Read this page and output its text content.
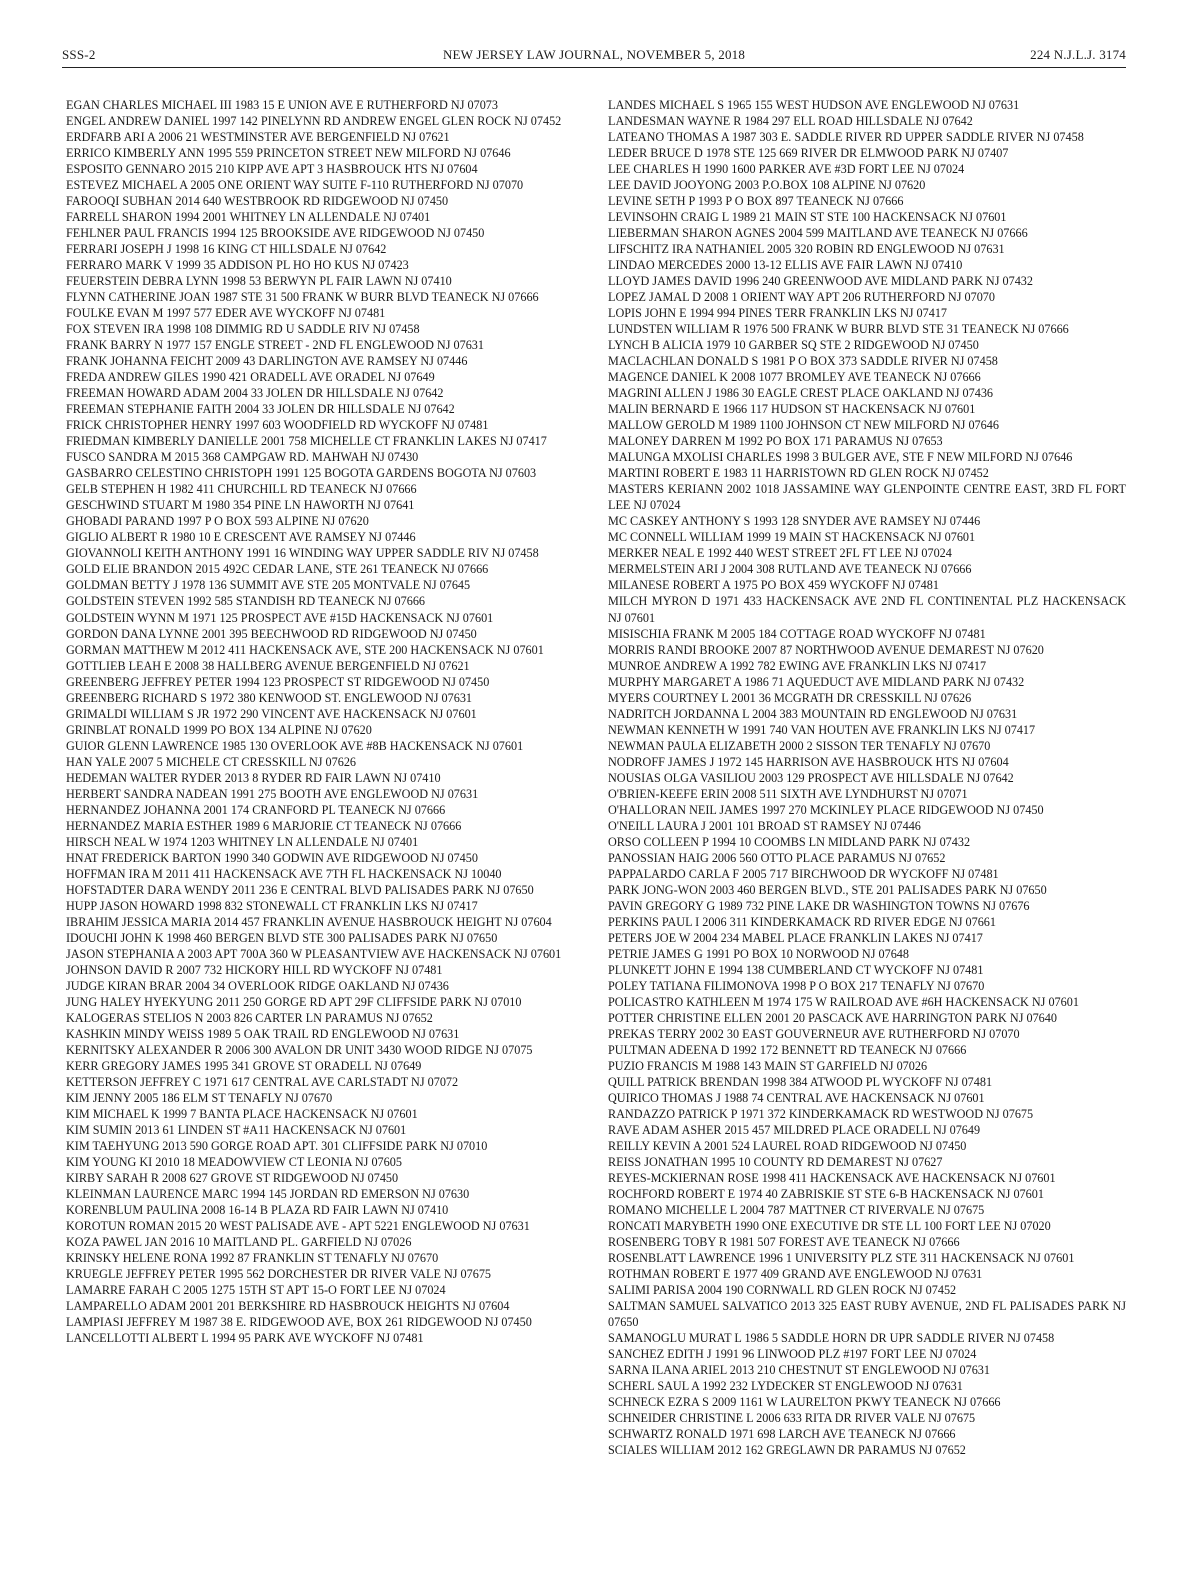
NEW JERSEY LAW JOURNAL, NOVEMBER 5, 2018
SSS-2	224 N.J.L.J. 3174
EGAN CHARLES MICHAEL III 1983 15 E UNION AVE E RUTHERFORD NJ 07073
ENGEL ANDREW DANIEL 1997 142 PINELYNN RD ANDREW ENGEL GLEN ROCK NJ 07452
ERDFARB ARI A 2006 21 WESTMINSTER AVE BERGENFIELD NJ 07621
ERRICO KIMBERLY ANN 1995 559 PRINCETON STREET NEW MILFORD NJ 07646
ESPOSITO GENNARO 2015 210 KIPP AVE APT 3 HASBROUCK HTS NJ 07604
ESTEVEZ MICHAEL A 2005 ONE ORIENT WAY SUITE F-110 RUTHERFORD NJ 07070
FAROOQI SUBHAN 2014 640 WESTBROOK RD RIDGEWOOD NJ 07450
FARRELL SHARON 1994 2001 WHITNEY LN ALLENDALE NJ 07401
FEHLNER PAUL FRANCIS 1994 125 BROOKSIDE AVE RIDGEWOOD NJ 07450
FERRARI JOSEPH J 1998 16 KING CT HILLSDALE NJ 07642
FERRARO MARK V 1999 35 ADDISON PL HO HO KUS NJ 07423
FEUERSTEIN DEBRA LYNN 1998 53 BERWYN PL FAIR LAWN NJ 07410
FLYNN CATHERINE JOAN 1987 STE 31 500 FRANK W BURR BLVD TEANECK NJ 07666
FOULKE EVAN M 1997 577 EDER AVE WYCKOFF NJ 07481
FOX STEVEN IRA 1998 108 DIMMIG RD U SADDLE RIV NJ 07458
FRANK BARRY N 1977 157 ENGLE STREET - 2ND FL ENGLEWOOD NJ 07631
FRANK JOHANNA FEICHT 2009 43 DARLINGTON AVE RAMSEY NJ 07446
FREDA ANDREW GILES 1990 421 ORADELL AVE ORADEL NJ 07649
FREEMAN HOWARD ADAM 2004 33 JOLEN DR HILLSDALE NJ 07642
FREEMAN STEPHANIE FAITH 2004 33 JOLEN DR HILLSDALE NJ 07642
FRICK CHRISTOPHER HENRY 1997 603 WOODFIELD RD WYCKOFF NJ 07481
FRIEDMAN KIMBERLY DANIELLE 2001 758 MICHELLE CT FRANKLIN LAKES NJ 07417
FUSCO SANDRA M 2015 368 CAMPGAW RD. MAHWAH NJ 07430
GASBARRO CELESTINO CHRISTOPH 1991 125 BOGOTA GARDENS BOGOTA NJ 07603
GELB STEPHEN H 1982 411 CHURCHILL RD TEANECK NJ 07666
GESCHWIND STUART M 1980 354 PINE LN HAWORTH NJ 07641
GHOBADI PARAND 1997 P O BOX 593 ALPINE NJ 07620
GIGLIO ALBERT R 1980 10 E CRESCENT AVE RAMSEY NJ 07446
GIOVANNOLI KEITH ANTHONY 1991 16 WINDING WAY UPPER SADDLE RIV NJ 07458
GOLD ELIE BRANDON 2015 492C CEDAR LANE, STE 261 TEANECK NJ 07666
GOLDMAN BETTY J 1978 136 SUMMIT AVE STE 205 MONTVALE NJ 07645
GOLDSTEIN STEVEN 1992 585 STANDISH RD TEANECK NJ 07666
GOLDSTEIN WYNN M 1971 125 PROSPECT AVE #15D HACKENSACK NJ 07601
GORDON DANA LYNNE 2001 395 BEECHWOOD RD RIDGEWOOD NJ 07450
GORMAN MATTHEW M 2012 411 HACKENSACK AVE, STE 200 HACKENSACK NJ 07601
GOTTLIEB LEAH E 2008 38 HALLBERG AVENUE BERGENFIELD NJ 07621
GREENBERG JEFFREY PETER 1994 123 PROSPECT ST RIDGEWOOD NJ 07450
GREENBERG RICHARD S 1972 380 KENWOOD ST. ENGLEWOOD NJ 07631
GRIMALDI WILLIAM S JR 1972 290 VINCENT AVE HACKENSACK NJ 07601
GRINBLAT RONALD 1999 PO BOX 134 ALPINE NJ 07620
GUIOR GLENN LAWRENCE 1985 130 OVERLOOK AVE #8B HACKENSACK NJ 07601
HAN YALE 2007 5 MICHELE CT CRESSKILL NJ 07626
HEDEMAN WALTER RYDER 2013 8 RYDER RD FAIR LAWN NJ 07410
HERBERT SANDRA NADEAN 1991 275 BOOTH AVE ENGLEWOOD NJ 07631
HERNANDEZ JOHANNA 2001 174 CRANFORD PL TEANECK NJ 07666
HERNANDEZ MARIA ESTHER 1989 6 MARJORIE CT TEANECK NJ 07666
HIRSCH NEAL W 1974 1203 WHITNEY LN ALLENDALE NJ 07401
HNAT FREDERICK BARTON 1990 340 GODWIN AVE RIDGEWOOD NJ 07450
HOFFMAN IRA M 2011 411 HACKENSACK AVE 7TH FL HACKENSACK NJ 10040
HOFSTADTER DARA WENDY 2011 236 E CENTRAL BLVD PALISADES PARK NJ 07650
HUPP JASON HOWARD 1998 832 STONEWALL CT FRANKLIN LKS NJ 07417
IBRAHIM JESSICA MARIA 2014 457 FRANKLIN AVENUE HASBROUCK HEIGHT NJ 07604
IDOUCHI JOHN K 1998 460 BERGEN BLVD STE 300 PALISADES PARK NJ 07650
JASON STEPHANIA A 2003 APT 700A 360 W PLEASANTVIEW AVE HACKENSACK NJ 07601
JOHNSON DAVID R 2007 732 HICKORY HILL RD WYCKOFF NJ 07481
JUDGE KIRAN BRAR 2004 34 OVERLOOK RIDGE OAKLAND NJ 07436
JUNG HALEY HYEKYUNG 2011 250 GORGE RD APT 29F CLIFFSIDE PARK NJ 07010
KALOGERAS STELIOS N 2003 826 CARTER LN PARAMUS NJ 07652
KASHKIN MINDY WEISS 1989 5 OAK TRAIL RD ENGLEWOOD NJ 07631
KERNITSKY ALEXANDER R 2006 300 AVALON DR UNIT 3430 WOOD RIDGE NJ 07075
KERR GREGORY JAMES 1995 341 GROVE ST ORADELL NJ 07649
KETTERSON JEFFREY C 1971 617 CENTRAL AVE CARLSTADT NJ 07072
KIM JENNY 2005 186 ELM ST TENAFLY NJ 07670
KIM MICHAEL K 1999 7 BANTA PLACE HACKENSACK NJ 07601
KIM SUMIN 2013 61 LINDEN ST #A11 HACKENSACK NJ 07601
KIM TAEHYUNG 2013 590 GORGE ROAD APT. 301 CLIFFSIDE PARK NJ 07010
KIM YOUNG KI 2010 18 MEADOWVIEW CT LEONIA NJ 07605
KIRBY SARAH R 2008 627 GROVE ST RIDGEWOOD NJ 07450
KLEINMAN LAURENCE MARC 1994 145 JORDAN RD EMERSON NJ 07630
KORENBLUM PAULINA 2008 16-14 B PLAZA RD FAIR LAWN NJ 07410
KOROTUN ROMAN 2015 20 WEST PALISADE AVE - APT 5221 ENGLEWOOD NJ 07631
KOZA PAWEL JAN 2016 10 MAITLAND PL. GARFIELD NJ 07026
KRINSKY HELENE RONA 1992 87 FRANKLIN ST TENAFLY NJ 07670
KRUEGLE JEFFREY PETER 1995 562 DORCHESTER DR RIVER VALE NJ 07675
LAMARRE FARAH C 2005 1275 15TH ST APT 15-O FORT LEE NJ 07024
LAMPARELLO ADAM 2001 201 BERKSHIRE RD HASBROUCK HEIGHTS NJ 07604
LAMPIASI JEFFREY M 1987 38 E. RIDGEWOOD AVE, BOX 261 RIDGEWOOD NJ 07450
LANCELLOTTI ALBERT L 1994 95 PARK AVE WYCKOFF NJ 07481
LANDES MICHAEL S 1965 155 WEST HUDSON AVE ENGLEWOOD NJ 07631
LANDESMAN WAYNE R 1984 297 ELL ROAD HILLSDALE NJ 07642
LATEANO THOMAS A 1987 303 E. SADDLE RIVER RD UPPER SADDLE RIVER NJ 07458
LEDER BRUCE D 1978 STE 125 669 RIVER DR ELMWOOD PARK NJ 07407
LEE CHARLES H 1990 1600 PARKER AVE #3D FORT LEE NJ 07024
LEE DAVID JOOYONG 2003 P.O.BOX 108 ALPINE NJ 07620
LEVINE SETH P 1993 P O BOX 897 TEANECK NJ 07666
LEVINSOHN CRAIG L 1989 21 MAIN ST STE 100 HACKENSACK NJ 07601
LIEBERMAN SHARON AGNES 2004 599 MAITLAND AVE TEANECK NJ 07666
LIFSCHITZ IRA NATHANIEL 2005 320 ROBIN RD ENGLEWOOD NJ 07631
LINDAO MERCEDES 2000 13-12 ELLIS AVE FAIR LAWN NJ 07410
LLOYD JAMES DAVID 1996 240 GREENWOOD AVE MIDLAND PARK NJ 07432
LOPEZ JAMAL D 2008 1 ORIENT WAY APT 206 RUTHERFORD NJ 07070
LOPIS JOHN E 1994 994 PINES TERR FRANKLIN LKS NJ 07417
LUNDSTEN WILLIAM R 1976 500 FRANK W BURR BLVD STE 31 TEANECK NJ 07666
LYNCH B ALICIA 1979 10 GARBER SQ STE 2 RIDGEWOOD NJ 07450
MACLACHLAN DONALD S 1981 P O BOX 373 SADDLE RIVER NJ 07458
MAGENCE DANIEL K 2008 1077 BROMLEY AVE TEANECK NJ 07666
MAGRINI ALLEN J 1986 30 EAGLE CREST PLACE OAKLAND NJ 07436
MALIN BERNARD E 1966 117 HUDSON ST HACKENSACK NJ 07601
MALLOW GEROLD M 1989 1100 JOHNSON CT NEW MILFORD NJ 07646
MALONEY DARREN M 1992 PO BOX 171 PARAMUS NJ 07653
MALUNGA MXOLISI CHARLES 1998 3 BULGER AVE, STE F NEW MILFORD NJ 07646
MARTINI ROBERT E 1983 11 HARRISTOWN RD GLEN ROCK NJ 07452
MASTERS KERIANN 2002 1018 JASSAMINE WAY GLENPOINTE CENTRE EAST, 3RD FL FORT LEE NJ 07024
MC CASKEY ANTHONY S 1993 128 SNYDER AVE RAMSEY NJ 07446
MC CONNELL WILLIAM 1999 19 MAIN ST HACKENSACK NJ 07601
MERKER NEAL E 1992 440 WEST STREET 2FL FT LEE NJ 07024
MERMELSTEIN ARI J 2004 308 RUTLAND AVE TEANECK NJ 07666
MILANESE ROBERT A 1975 PO BOX 459 WYCKOFF NJ 07481
MILCH MYRON D 1971 433 HACKENSACK AVE 2ND FL CONTINENTAL PLZ HACKENSACK NJ 07601
MISISCHIA FRANK M 2005 184 COTTAGE ROAD WYCKOFF NJ 07481
MORRIS RANDI BROOKE 2007 87 NORTHWOOD AVENUE DEMAREST NJ 07620
MUNROE ANDREW A 1992 782 EWING AVE FRANKLIN LKS NJ 07417
MURPHY MARGARET A 1986 71 AQUEDUCT AVE MIDLAND PARK NJ 07432
MYERS COURTNEY L 2001 36 MCGRATH DR CRESSKILL NJ 07626
NADRITCH JORDANNA L 2004 383 MOUNTAIN RD ENGLEWOOD NJ 07631
NEWMAN KENNETH W 1991 740 VAN HOUTEN AVE FRANKLIN LKS NJ 07417
NEWMAN PAULA ELIZABETH 2000 2 SISSON TER TENAFLY NJ 07670
NODROFF JAMES J 1972 145 HARRISON AVE HASBROUCK HTS NJ 07604
NOUSIAS OLGA VASILIOU 2003 129 PROSPECT AVE HILLSDALE NJ 07642
O'BRIEN-KEEFE ERIN 2008 511 SIXTH AVE LYNDHURST NJ 07071
O'HALLORAN NEIL JAMES 1997 270 MCKINLEY PLACE RIDGEWOOD NJ 07450
O'NEILL LAURA J 2001 101 BROAD ST RAMSEY NJ 07446
ORSO COLLEEN P 1994 10 COOMBS LN MIDLAND PARK NJ 07432
PANOSSIAN HAIG 2006 560 OTTO PLACE PARAMUS NJ 07652
PAPPALARDO CARLA F 2005 717 BIRCHWOOD DR WYCKOFF NJ 07481
PARK JONG-WON 2003 460 BERGEN BLVD., STE 201 PALISADES PARK NJ 07650
PAVIN GREGORY G 1989 732 PINE LAKE DR WASHINGTON TOWNS NJ 07676
PERKINS PAUL I 2006 311 KINDERKAMACK RD RIVER EDGE NJ 07661
PETERS JOE W 2004 234 MABEL PLACE FRANKLIN LAKES NJ 07417
PETRIE JAMES G 1991 PO BOX 10 NORWOOD NJ 07648
PLUNKETT JOHN E 1994 138 CUMBERLAND CT WYCKOFF NJ 07481
POLEY TATIANA FILIMONOVA 1998 P O BOX 217 TENAFLY NJ 07670
POLICASTRO KATHLEEN M 1974 175 W RAILROAD AVE #6H HACKENSACK NJ 07601
POTTER CHRISTINE ELLEN 2001 20 PASCACK AVE HARRINGTON PARK NJ 07640
PREKAS TERRY 2002 30 EAST GOUVERNEUR AVE RUTHERFORD NJ 07070
PULTMAN ADEENA D 1992 172 BENNETT RD TEANECK NJ 07666
PUZIO FRANCIS M 1988 143 MAIN ST GARFIELD NJ 07026
QUILL PATRICK BRENDAN 1998 384 ATWOOD PL WYCKOFF NJ 07481
QUIRICO THOMAS J 1988 74 CENTRAL AVE HACKENSACK NJ 07601
RANDAZZO PATRICK P 1971 372 KINDERKAMACK RD WESTWOOD NJ 07675
RAVE ADAM ASHER 2015 457 MILDRED PLACE ORADELL NJ 07649
REILLY KEVIN A 2001 524 LAUREL ROAD RIDGEWOOD NJ 07450
REISS JONATHAN 1995 10 COUNTY RD DEMAREST NJ 07627
REYES-MCKIERNAN ROSE 1998 411 HACKENSACK AVE HACKENSACK NJ 07601
ROCHFORD ROBERT E 1974 40 ZABRISKIE ST STE 6-B HACKENSACK NJ 07601
ROMANO MICHELLE L 2004 787 MATTNER CT RIVERVALE NJ 07675
RONCATI MARYBETH 1990 ONE EXECUTIVE DR STE LL 100 FORT LEE NJ 07020
ROSENBERG TOBY R 1981 507 FOREST AVE TEANECK NJ 07666
ROSENBLATT LAWRENCE 1996 1 UNIVERSITY PLZ STE 311 HACKENSACK NJ 07601
ROTHMAN ROBERT E 1977 409 GRAND AVE ENGLEWOOD NJ 07631
SALIMI PARISA 2004 190 CORNWALL RD GLEN ROCK NJ 07452
SALTMAN SAMUEL SALVATICO 2013 325 EAST RUBY AVENUE, 2ND FL PALISADES PARK NJ 07650
SAMANOGLU MURAT L 1986 5 SADDLE HORN DR UPR SADDLE RIVER NJ 07458
SANCHEZ EDITH J 1991 96 LINWOOD PLZ #197 FORT LEE NJ 07024
SARNA ILANA ARIEL 2013 210 CHESTNUT ST ENGLEWOOD NJ 07631
SCHERL SAUL A 1992 232 LYDECKER ST ENGLEWOOD NJ 07631
SCHNECK EZRA S 2009 1161 W LAURELTON PKWY TEANECK NJ 07666
SCHNEIDER CHRISTINE L 2006 633 RITA DR RIVER VALE NJ 07675
SCHWARTZ RONALD 1971 698 LARCH AVE TEANECK NJ 07666
SCIALES WILLIAM 2012 162 GREGLAWN DR PARAMUS NJ 07652
